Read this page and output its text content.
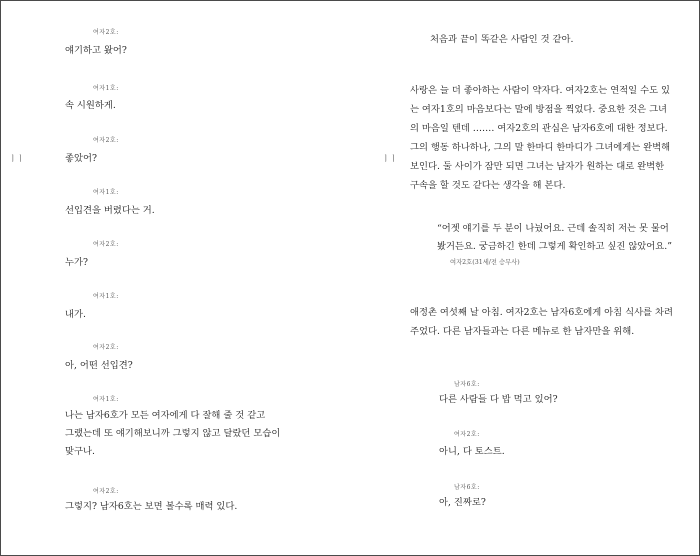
ㅣㅣ
여자2호:
얘기하고 왔어?
여자1호:
속 시원하게.
여자2호:
좋았어?
여자1호:
선입견을 버렸다는 거.
여자2호:
누가?
여자1호:
내가.
여자2호:
아, 어떤 선입견?
여자1호:
나는 남자6호가 모든 여자에게 다 잘해 줄 것 같고
그랬는데 또 얘기해보니까 그렇지 않고 달랐던 모습이
맞구나.
여자2호:
그렇지? 남자6호는 보면 볼수록 매력 있다.
ㅣㅣ
처음과 끝이 똑같은 사람인 것 같아.
사랑은 늘 더 좋아하는 사람이 약자다. 여자2호는 연적일 수도 있
는 여자1호의 마음보다는 말에 방점을 찍었다. 중요한 것은 그녀
의 마음일 텐데 ……. 여자2호의 관심은 남자6호에 대한 정보다.
그의 행동 하나하나, 그의 말 한마디 한마디가 그녀에게는 완벽해
보인다. 둘 사이가 잠만 되면 그녀는 남자가 원하는 대로 완벽한
구속을 할 것도 같다는 생각을 해 본다.
“어젯 얘기를 두 분이 나눴어요. 근데 솔직히 저는 못 물어
봤거든요. 궁금하긴 한데 그렇게 확인하고 싶진 않았어요.”
여자2호(31세/전 승무사)
애정촌 여섯째 날 아침. 여자2호는 남자6호에게 아침 식사를 차려
주었다. 다른 남자들과는 다른 메뉴로 한 남자만을 위해.
남자6호:
다른 사람들 다 밥 먹고 있어?
여자2호:
아니, 다 토스트.
남자6호:
아, 진짜로?
